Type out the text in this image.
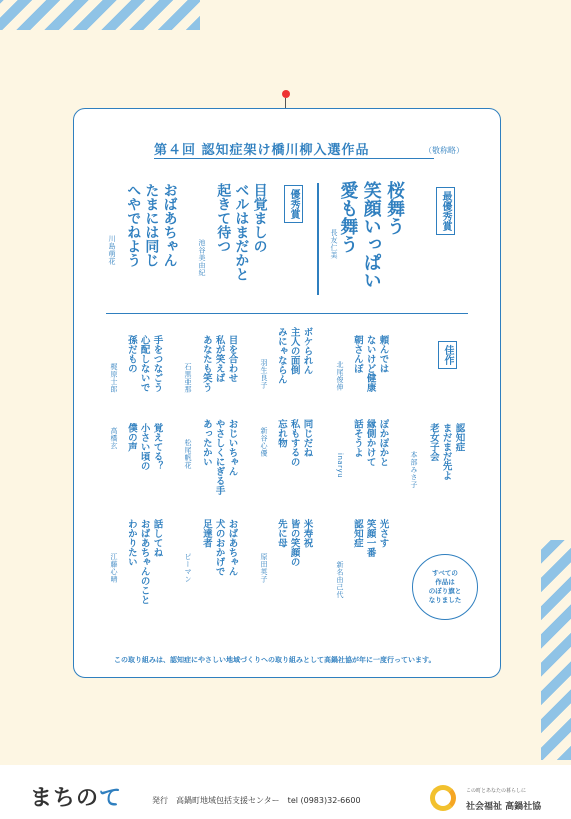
第４回 認知症架け橋川柳入選作品	（敬称略）
最優秀賞
桜舞う
笑顔いっぱい
愛も舞う
長友仁美
優秀賞
目覚ましの
ベルはまだかと
起きて待つ
池谷美由紀
おばあちゃん
たまには同じ
へやでねよう
川島萌花
佳作
頼んでは
ないけど健康
朝さんぽ
北尾俊伸
ボケられん
主人の面倒
みにゃならん
羽生良子
目を合わせ
私が笑えば
あなたも笑う
石黒亜那
手をつなごう
心配しないで
孫だもの
梶原士郎
認知症
まだまだ先よ
老女子会
本部みさ子
ぽかぽかと
縁側かけて
話そうよ
inaryu
同じだね
私もするの
忘れ物
新谷心優
おじいちゃん
やさしくにぎる手
あったかい
松尾帆花
覚えてる？
小さい頃の
僕の声
高橋玄
光さす
笑顔一番
認知症
新名由己代
米寿祝
皆の笑顔の
先に母
原田英子
おばあちゃん
犬のおかげで
足達者
ピーマン
話してね
おばあちゃんのこと
わかりたい
江藤心晴	すべての
作品は
のぼり旗と
なりました
この取り組みは、認知症にやさしい地域づくりへの取り組みとして高鍋社協が年に一度行っています。
まちのて	発行　高鍋町地域包括支援センター　tel (0983)32-6600
この町とあなたの暮らしに
社会福祉 高鍋社協
